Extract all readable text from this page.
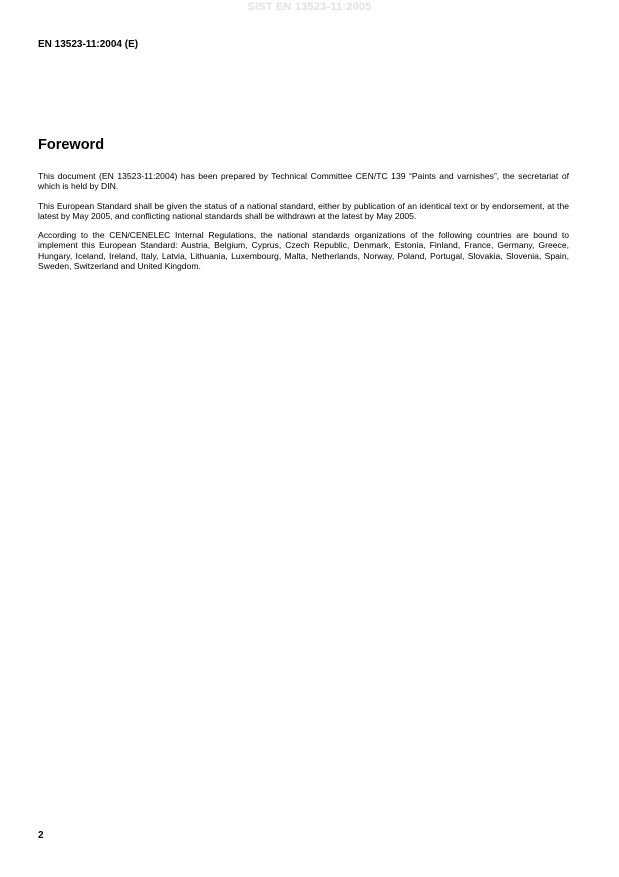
SIST EN 13523-11:2005
EN 13523-11:2004 (E)
Foreword

This document (EN 13523-11:2004) has been prepared by Technical Committee CEN/TC 139 “Paints and varnishes”, the secretariat of which is held by DIN.

This European Standard shall be given the status of a national standard, either by publication of an identical text or by endorsement, at the latest by May 2005, and conflicting national standards shall be withdrawn at the latest by May 2005.

According to the CEN/CENELEC Internal Regulations, the national standards organizations of the following countries are bound to implement this European Standard: Austria, Belgium, Cyprus, Czech Republic, Denmark, Estonia, Finland, France, Germany, Greece, Hungary, Iceland, Ireland, Italy, Latvia, Lithuania, Luxembourg, Malta, Netherlands, Norway, Poland, Portugal, Slovakia, Slovenia, Spain, Sweden, Switzerland and United Kingdom.

2
